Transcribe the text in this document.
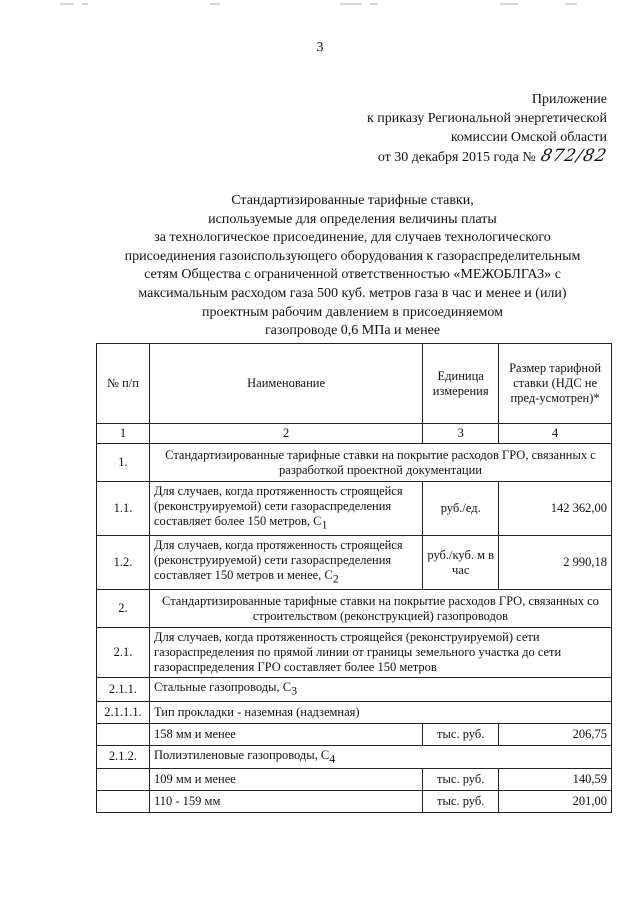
3
Приложение
к приказу Региональной энергетической
комиссии Омской области
от 30 декабря 2015 года № 872/82
Стандартизированные тарифные ставки,
используемые для определения величины платы
за технологическое присоединение, для случаев технологического
присоединения газоиспользующего оборудования к газораспределительным
сетям Общества с ограниченной ответственностью «МЕЖОБЛГАЗ» с
максимальным расходом газа 500 куб. метров газа в час и менее и (или)
проектным рабочим давлением в присоединяемом
газопроводе 0,6 МПа и менее
№ п/п	Наименование	Единица измерения	Размер тарифной ставки (НДС не пред-усмотрен)*
1	2	3	4
1.	Стандартизированные тарифные ставки на покрытие расходов ГРО, связанных с разработкой проектной документации		
1.1.	Для случаев, когда протяженность строящейся (реконструируемой) сети газораспределения составляет более 150 метров, $С_1$	руб./ед.	142 362,00
1.2.	Для случаев, когда протяженность строящейся (реконструируемой) сети газораспределения составляет 150 метров и менее, $С_2$	руб./куб. м в час	2 990,18
2.	Стандартизированные тарифные ставки на покрытие расходов ГРО, связанных со строительством (реконструкцией) газопроводов		
2.1.	Для случаев, когда протяженность строящейся (реконструируемой) сети газораспределения по прямой линии от границы земельного участка до сети газораспределения ГРО составляет более 150 метров		
2.1.1.	Стальные газопроводы, $С_3$
2.1.1.1.	Тип прокладки - наземная (надземная)		
	158 мм и менее	тыс. руб.	206,75
2.1.2.	Полиэтиленовые газопроводы, $С_4$
	109 мм и менее	тыс. руб.	140,59
	110 - 159 мм	тыс. руб.	201,00
